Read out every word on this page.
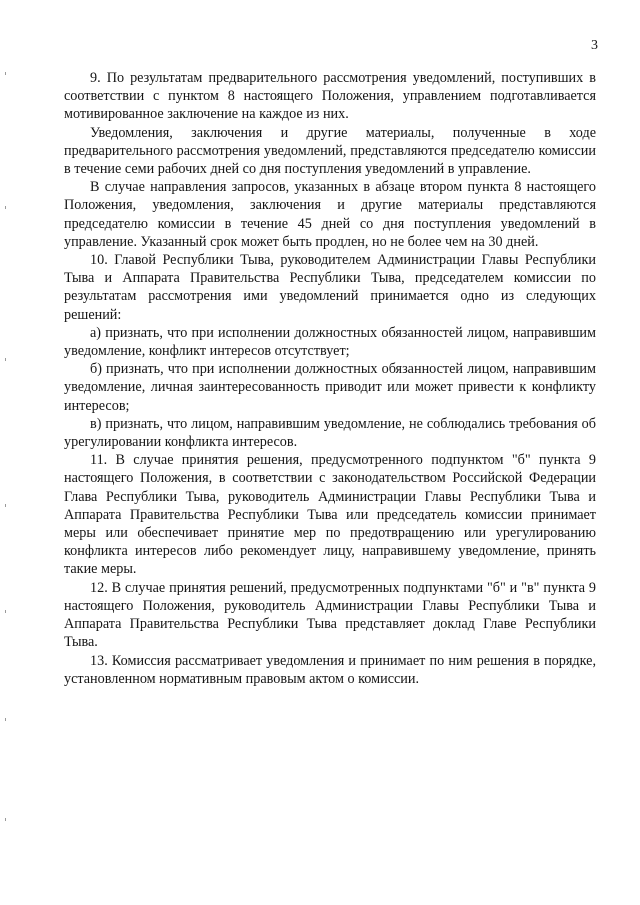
3

9. По результатам предварительного рассмотрения уведомлений, поступивших в соответствии с пунктом 8 настоящего Положения, управлением подготавливается мотивированное заключение на каждое из них.

Уведомления, заключения и другие материалы, полученные в ходе предварительного рассмотрения уведомлений, представляются председателю комиссии в течение семи рабочих дней со дня поступления уведомлений в управление.

В случае направления запросов, указанных в абзаце втором пункта 8 настоящего Положения, уведомления, заключения и другие материалы представляются председателю комиссии в течение 45 дней со дня поступления уведомлений в управление. Указанный срок может быть продлен, но не более чем на 30 дней.

10. Главой Республики Тыва, руководителем Администрации Главы Республики Тыва и Аппарата Правительства Республики Тыва, председателем комиссии по результатам рассмотрения ими уведомлений принимается одно из следующих решений:

а) признать, что при исполнении должностных обязанностей лицом, направившим уведомление, конфликт интересов отсутствует;

б) признать, что при исполнении должностных обязанностей лицом, направившим уведомление, личная заинтересованность приводит или может привести к конфликту интересов;

в) признать, что лицом, направившим уведомление, не соблюдались требования об урегулировании конфликта интересов.

11. В случае принятия решения, предусмотренного подпунктом "б" пункта 9 настоящего Положения, в соответствии с законодательством Российской Федерации Глава Республики Тыва, руководитель Администрации Главы Республики Тыва и Аппарата Правительства Республики Тыва или председатель комиссии принимает меры или обеспечивает принятие мер по предотвращению или урегулированию конфликта интересов либо рекомендует лицу, направившему уведомление, принять такие меры.

12. В случае принятия решений, предусмотренных подпунктами "б" и "в" пункта 9 настоящего Положения, руководитель Администрации Главы Республики Тыва и Аппарата Правительства Республики Тыва представляет доклад Главе Республики Тыва.

13. Комиссия рассматривает уведомления и принимает по ним решения в порядке, установленном нормативным правовым актом о комиссии.
